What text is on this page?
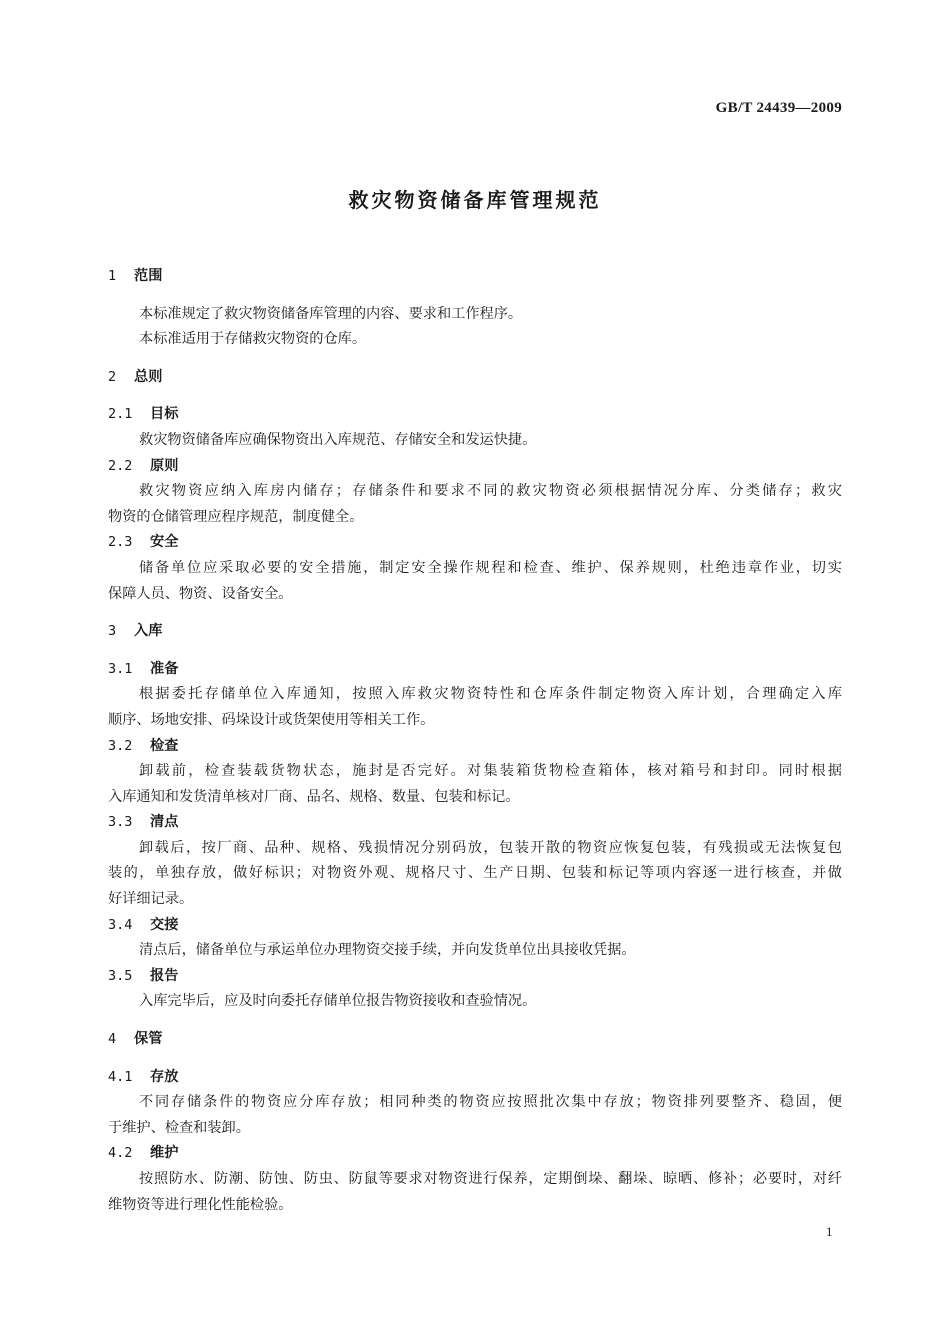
GB/T 24439—2009
救灾物资储备库管理规范
1 范围
本标准规定了救灾物资储备库管理的内容、要求和工作程序。
本标准适用于存储救灾物资的仓库。
2 总则
2.1 目标
救灾物资储备库应确保物资出入库规范、存储安全和发运快捷。
2.2 原则
救灾物资应纳入库房内储存；存储条件和要求不同的救灾物资必须根据情况分库、分类储存；救灾
物资的仓储管理应程序规范，制度健全。
2.3 安全
储备单位应采取必要的安全措施，制定安全操作规程和检查、维护、保养规则，杜绝违章作业，切实
保障人员、物资、设备安全。
3 入库
3.1 准备
根据委托存储单位入库通知，按照入库救灾物资特性和仓库条件制定物资入库计划，合理确定入库
顺序、场地安排、码垛设计或货架使用等相关工作。
3.2 检查
卸载前，检查装载货物状态，施封是否完好。对集装箱货物检查箱体，核对箱号和封印。同时根据
入库通知和发货清单核对厂商、品名、规格、数量、包装和标记。
3.3 清点
卸载后，按厂商、品种、规格、残损情况分别码放，包装开散的物资应恢复包装，有残损或无法恢复包
装的，单独存放，做好标识；对物资外观、规格尺寸、生产日期、包装和标记等项内容逐一进行核查，并做
好详细记录。
3.4 交接
清点后，储备单位与承运单位办理物资交接手续，并向发货单位出具接收凭据。
3.5 报告
入库完毕后，应及时向委托存储单位报告物资接收和查验情况。
4 保管
4.1 存放
不同存储条件的物资应分库存放；相同种类的物资应按照批次集中存放；物资排列要整齐、稳固，便
于维护、检查和装卸。
4.2 维护
按照防水、防潮、防蚀、防虫、防鼠等要求对物资进行保养，定期倒垛、翻垛、晾晒、修补；必要时，对纤
维物资等进行理化性能检验。
1
